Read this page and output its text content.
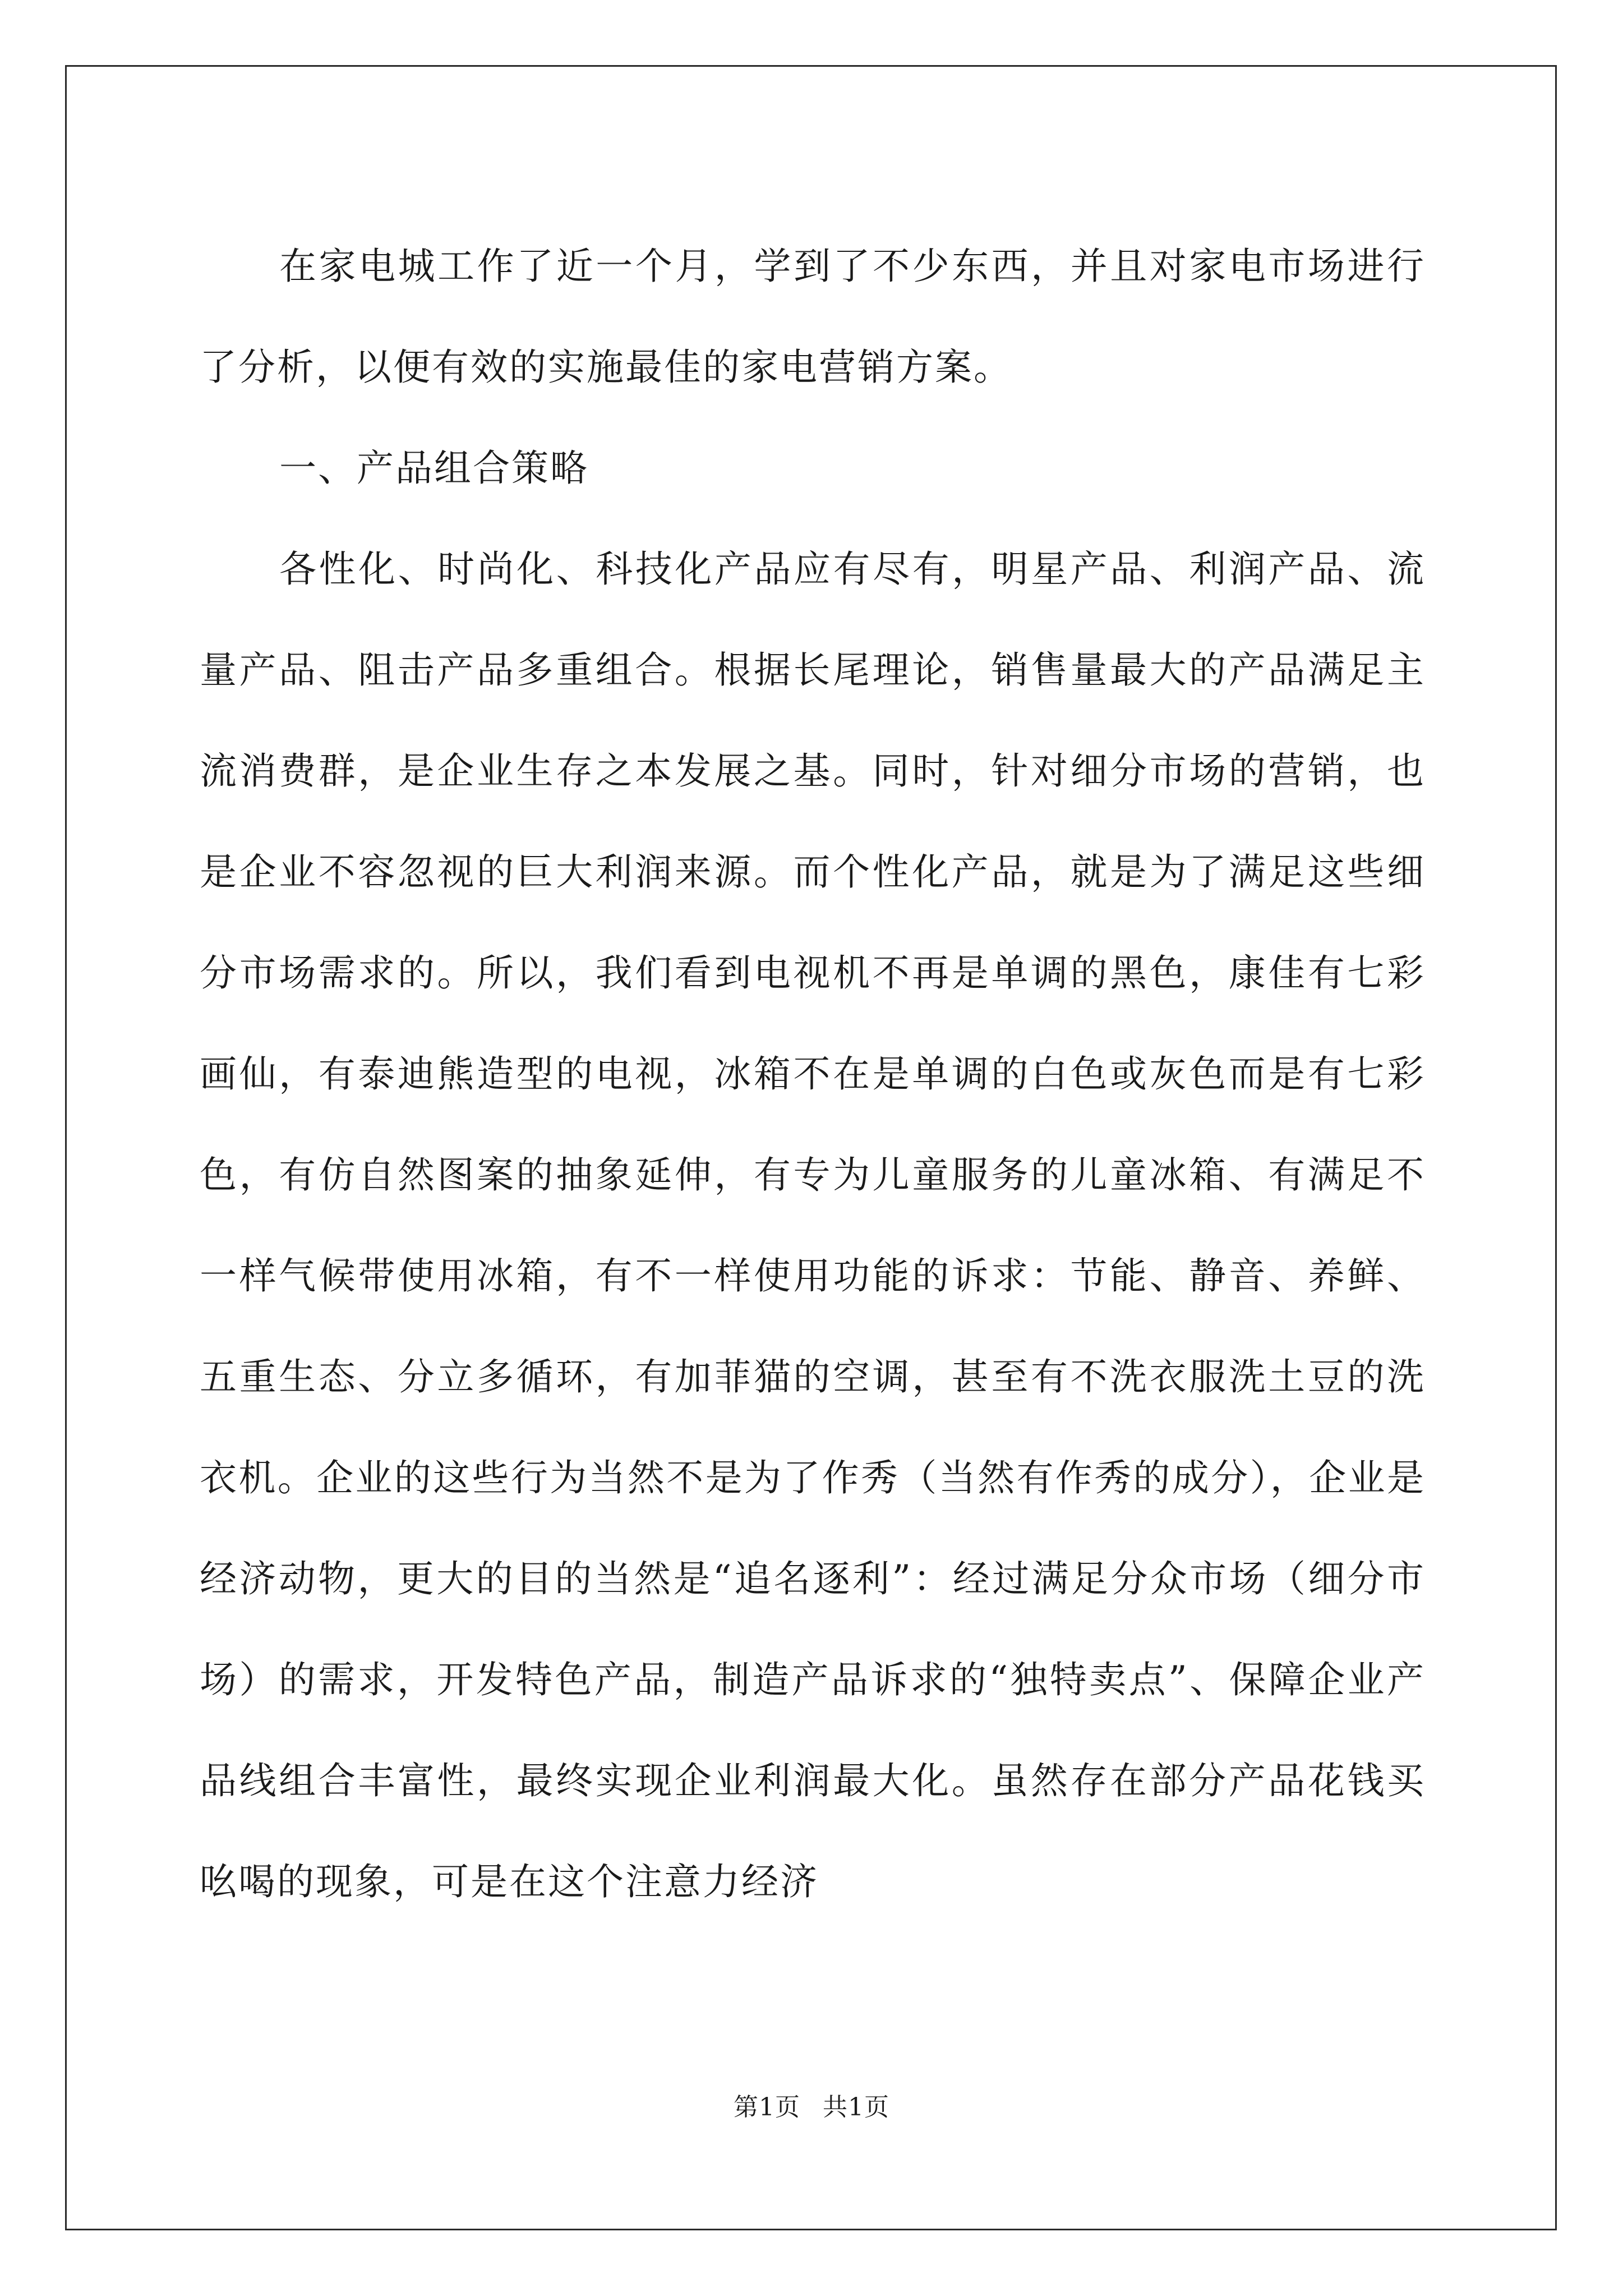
在家电城工作了近一个月，学到了不少东西，并且对家电市场进行了分析，以便有效的实施最佳的家电营销方案。

一、产品组合策略

各性化、时尚化、科技化产品应有尽有，明星产品、利润产品、流量产品、阻击产品多重组合。根据长尾理论，销售量最大的产品满足主流消费群，是企业生存之本发展之基。同时，针对细分市场的营销，也是企业不容忽视的巨大利润来源。而个性化产品，就是为了满足这些细分市场需求的。所以，我们看到电视机不再是单调的黑色，康佳有七彩画仙，有泰迪熊造型的电视，冰箱不在是单调的白色或灰色而是有七彩色，有仿自然图案的抽象延伸，有专为儿童服务的儿童冰箱、有满足不一样气候带使用冰箱，有不一样使用功能的诉求：节能、静音、养鲜、五重生态、分立多循环，有加菲猫的空调，甚至有不洗衣服洗土豆的洗衣机。企业的这些行为当然不是为了作秀（当然有作秀的成分），企业是经济动物，更大的目的当然是“追名逐利”：经过满足分众市场（细分市场）的需求，开发特色产品，制造产品诉求的“独特卖点”、保障企业产品线组合丰富性，最终实现企业利润最大化。虽然存在部分产品花钱买吆喝的现象，可是在这个注意力经济

第1页 共1页
